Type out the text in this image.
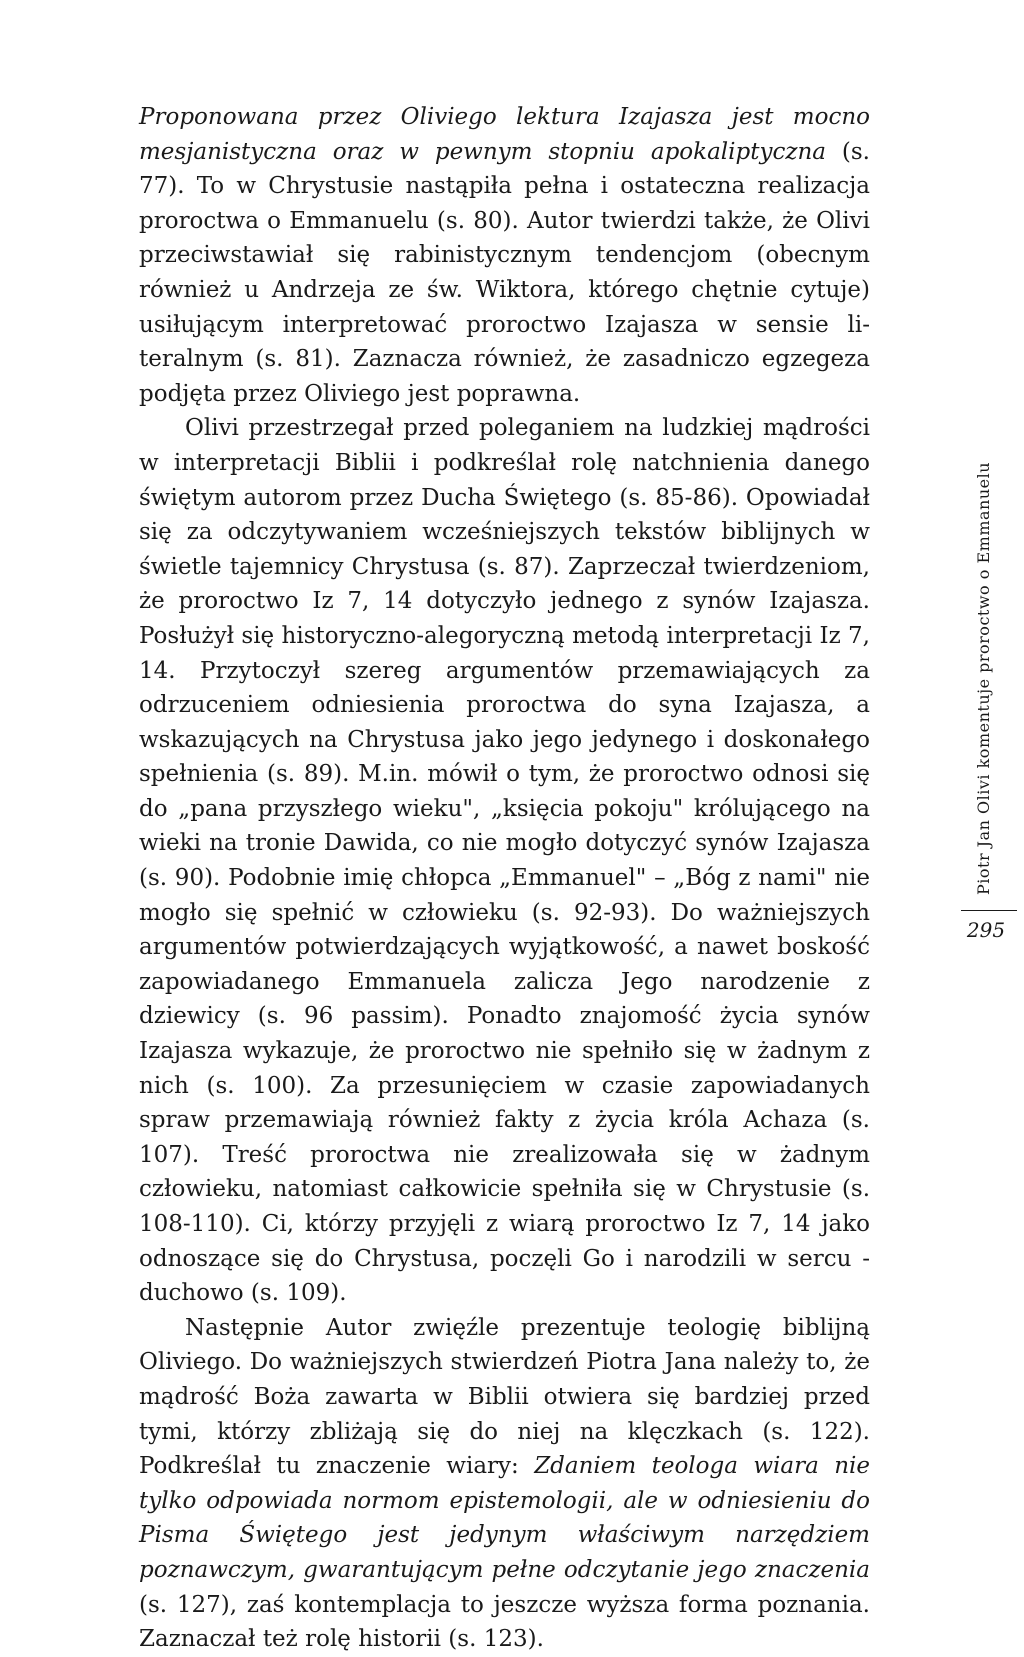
Proponowana przez Oliviego lektura Izajasza jest mocno mesjanistyczna oraz w pewnym stopniu apokaliptyczna (s. 77). To w Chrystusie nastąpiła pełna i ostateczna realizacja proroctwa o Emmanuelu (s. 80). Autor twierdzi także, że Olivi przeciwstawiał się rabinistycznym tendencjom (obecnym również u Andrzeja ze św. Wiktora, którego chętnie cytuje) usiłującym interpretować proroctwo Izajasza w sensie literalnym (s. 81). Zaznacza również, że zasadniczo egzegeza podjęta przez Oliviego jest poprawna.

Olivi przestrzegał przed poleganiem na ludzkiej mądrości w interpretacji Biblii i podkreślał rolę natchnienia danego świętym autorom przez Ducha Świętego (s. 85-86). Opowiadał się za odczytywaniem wcześniejszych tekstów biblijnych w świetle tajemnicy Chrystusa (s. 87). Zaprzeczał twierdzeniom, że proroctwo Iz 7, 14 dotyczyło jednego z synów Izajasza. Posłużył się historyczno-alegoryczną metodą interpretacji Iz 7, 14. Przytoczył szereg argumentów przemawiających za odrzuceniem odniesienia proroctwa do syna Izajasza, a wskazujących na Chrystusa jako jego jedynego i doskonałego spełnienia (s. 89). M.in. mówił o tym, że proroctwo odnosi się do „pana przyszłego wieku", „księcia pokoju" królującego na wieki na tronie Dawida, co nie mogło dotyczyć synów Izajasza (s. 90). Podobnie imię chłopca „Emmanuel" – „Bóg z nami" nie mogło się spełnić w człowieku (s. 92-93). Do ważniejszych argumentów potwierdzających wyjątkowość, a nawet boskość zapowiadanego Emmanuela zalicza Jego narodzenie z dziewicy (s. 96 passim). Ponadto znajomość życia synów Izajasza wykazuje, że proroctwo nie spełniło się w żadnym z nich (s. 100). Za przesunięciem w czasie zapowiadanych spraw przemawiają również fakty z życia króla Achaza (s. 107). Treść proroctwa nie zrealizowała się w żadnym człowieku, natomiast całkowicie spełniła się w Chrystusie (s. 108-110). Ci, którzy przyjęli z wiarą proroctwo Iz 7, 14 jako odnoszące się do Chrystusa, poczęli Go i narodzili w sercu - duchowo (s. 109).

Następnie Autor zwięźle prezentuje teologię biblijną Oliviego. Do ważniejszych stwierdzeń Piotra Jana należy to, że mądrość Boża zawarta w Biblii otwiera się bardziej przed tymi, którzy zbliżają się do niej na klęczkach (s. 122). Podkreślał tu znaczenie wiary: Zdaniem teologa wiara nie tylko odpowiada normom epistemologii, ale w odniesieniu do Pisma Świętego jest jedynym właściwym narzędziem poznawczym, gwarantującym pełne odczytanie jego znaczenia (s. 127), zaś kontemplacja to jeszcze wyższa forma poznania. Zaznaczał też rolę historii (s. 123).

Piotr Jan Olivi komentuje proroctwo o Emmanuelu
295
